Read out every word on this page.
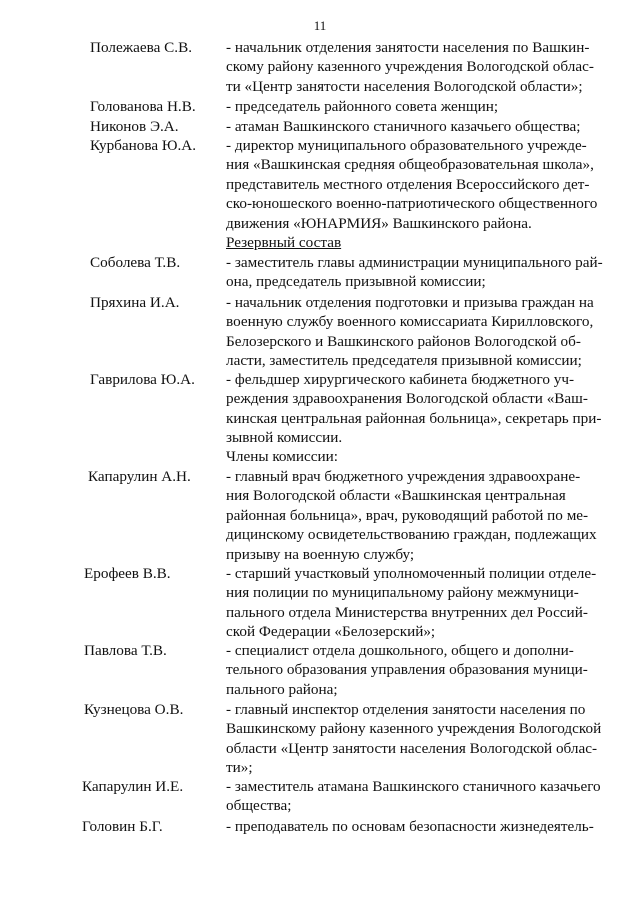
11
Резервный состав
Члены комиссии:
Полежаева С.В. - начальник отделения занятости населения по Вашкин-
скому району казенного учреждения Вологодской облас-
ти «Центр занятости населения Вологодской области»;
Голованова Н.В. - председатель районного совета женщин;
Никонов Э.А.	- атаман Вашкинского станичного казачьего общества;
Курбанова Ю.А. - директор муниципального образовательного учрежде-
ния «Вашкинская средняя общеобразовательная школа»,
представитель местного отделения Всероссийского дет-
ско-юношеского военно-патриотического общественного
движения «ЮНАРМИЯ» Вашкинского района.
Соболева Т.В.	- заместитель главы администрации муниципального рай-
она, председатель призывной комиссии;
Пряхина И.А.	- начальник отделения подготовки и призыва граждан на
военную службу военного комиссариата Кирилловского,
Белозерского и Вашкинского районов Вологодской об-
ласти, заместитель председателя призывной комиссии;
Гаврилова Ю.А. - фельдшер хирургического кабинета бюджетного уч-
реждения здравоохранения Вологодской области «Ваш-
кинская центральная районная больница», секретарь при-
зывной комиссии.
Капарулин А.Н. - главный врач бюджетного учреждения здравоохране-
ния Вологодской области «Вашкинская центральная
районная больница», врач, руководящий работой по ме-
дицинскому освидетельствованию граждан, подлежащих
призыву на военную службу;
Ерофеев В.В.	- старший участковый уполномоченный полиции отделе-
ния полиции по муниципальному району межмуници-
пального отдела Министерства внутренних дел Россий-
ской Федерации «Белозерский»;
Павлова Т.В.	- специалист отдела дошкольного, общего и дополни-
тельного образования управления образования муници-
пального района;
Кузнецова О.В.	- главный инспектор отделения занятости населения по
Вашкинскому району казенного учреждения Вологодской
области «Центр занятости населения Вологодской облас-
ти»;
Капарулин И.Е.	- заместитель атамана Вашкинского станичного казачьего
общества;
Головин Б.Г.	- преподаватель по основам безопасности жизнедеятель-
